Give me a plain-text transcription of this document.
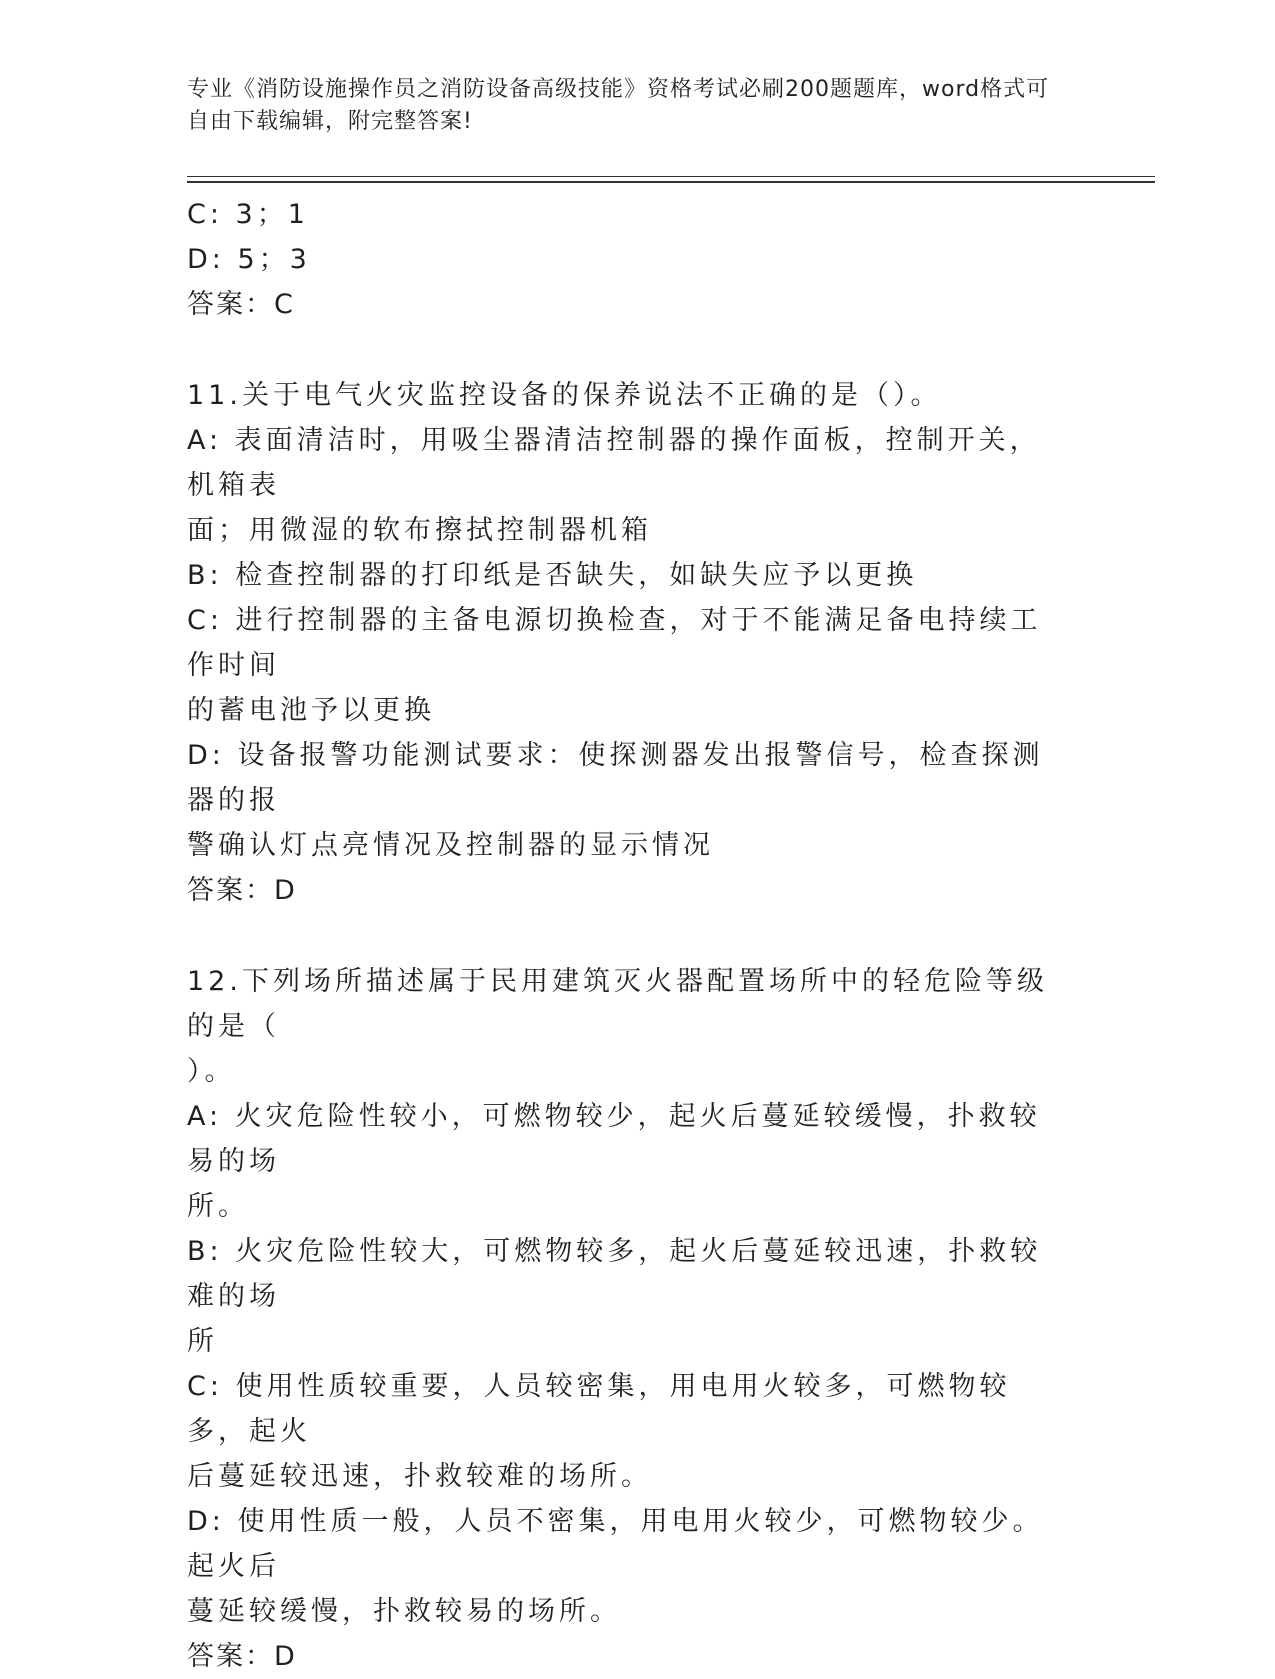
专业《消防设施操作员之消防设备高级技能》资格考试必刷200题题库，word格式可自由下载编辑，附完整答案!
C: 3；1
D: 5；3
答案：C
11.关于电气火灾监控设备的保养说法不正确的是（）。
A: 表面清洁时，用吸尘器清洁控制器的操作面板，控制开关，机箱表
面；用微湿的软布擦拭控制器机箱
B: 检查控制器的打印纸是否缺失，如缺失应予以更换
C: 进行控制器的主备电源切换检查，对于不能满足备电持续工作时间
的蓄电池予以更换
D: 设备报警功能测试要求：使探测器发出报警信号，检查探测器的报
警确认灯点亮情况及控制器的显示情况
答案：D
12.下列场所描述属于民用建筑灭火器配置场所中的轻危险等级的是（
）。
A: 火灾危险性较小，可燃物较少，起火后蔓延较缓慢，扑救较易的场
所。
B: 火灾危险性较大，可燃物较多，起火后蔓延较迅速，扑救较难的场
所
C: 使用性质较重要，人员较密集，用电用火较多，可燃物较多，起火
后蔓延较迅速，扑救较难的场所。
D: 使用性质一般，人员不密集，用电用火较少，可燃物较少。起火后
蔓延较缓慢，扑救较易的场所。
答案：D
